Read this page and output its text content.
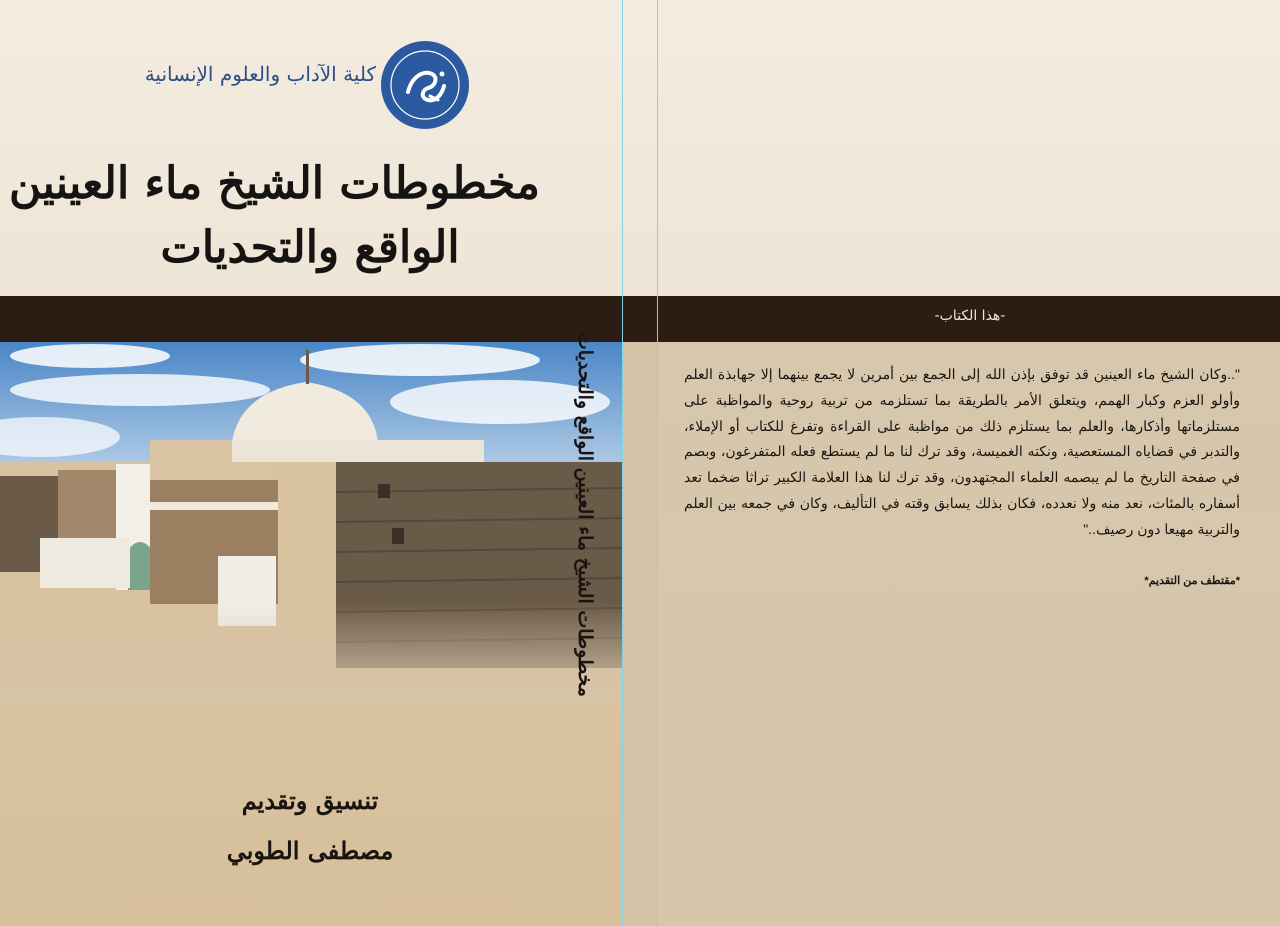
كلية الآداب والعلوم الإنسانية
مخطوطات الشيخ ماء العينين
الواقع والتحديات
تنسيق وتقديم
مصطفى الطوبي
مخطوطات الشيخ ماء العينين الواقع والتحديات
-هذا الكتاب-
"..وكان الشيخ ماء العينين قد توفق بإذن الله إلى الجمع بين أمرين لا يجمع بينهما إلا جهابذة العلم وأولو العزم وكبار الهمم، ويتعلق الأمر بالطريقة بما تستلزمه من تربية روحية والمواظبة على مستلزماتها وأذكارها، والعلم بما يستلزم ذلك من مواظبة على القراءة وتفرغ للكتاب أو الإملاء، والتدبر في قضاياه المستعصية، ونكته الغميسة، وقد ترك لنا ما لم يستطع فعله المتفرغون، وبصم في صفحة التاريخ ما لم يبصمه العلماء المجتهدون، وقد ترك لنا هذا العلامة الكبير تراثا ضخما تعد أسفاره بالمئات، نعد منه ولا نعدده، فكان بذلك يسابق وقته في التأليف، وكان في جمعه بين العلم والتربية مهيعا دون رصيف.."
*مقتطف من التقديم*
